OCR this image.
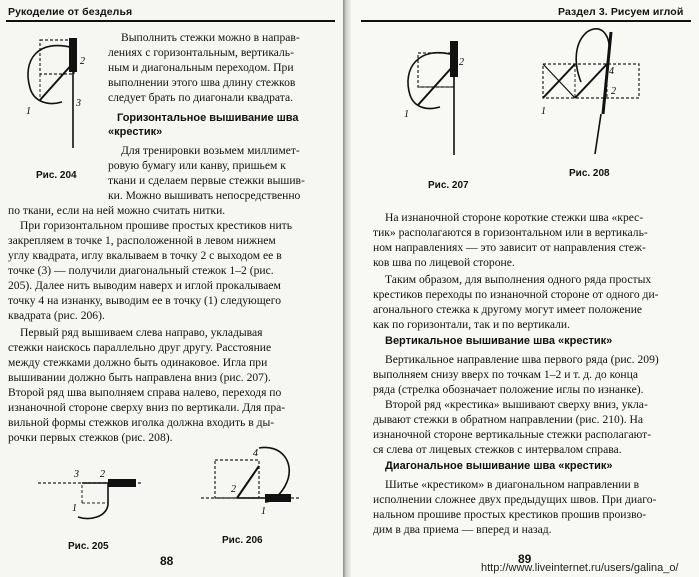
Рукоделие от безделья
2
1
3
Рис. 204
Выполнить стежки можно в направ-
лениях с горизонтальным, вертикаль-
ным и диагональным переходом. При
выполнении этого шва длину стежков
следует брать по диагонали квадрата.
Горизонтальное вышивание шва
«крестик»
Для тренировки возьмем миллимет-
ровую бумагу или канву, пришьем к
ткани и сделаем первые стежки вышив-
ки. Можно вышивать непосредственно
по ткани, если на ней можно считать нитки.
При горизонтальном прошиве простых крестиков нить
закрепляем в точке 1, расположенной в левом нижнем
углу квадрата, иглу вкалываем в точку 2 с выходом ее в
точке (3) — получили диагональный стежок 1–2 (рис.
205). Далее нить выводим наверх и иглой прокалываем
точку 4 на изнанку, выводим ее в точку (1) следующего
квадрата (рис. 206).
Первый ряд вышиваем слева направо, укладывая
стежки наискось параллельно друг другу. Расстояние
между стежками должно быть одинаковое. Игла при
вышивании должно быть направлена вниз (рис. 207).
Второй ряд шва выполняем справа налево, переходя по
изнаночной стороне сверху вниз по вертикали. Для пра-
вильной формы стежков иголка должна входить в ды-
рочки первых стежков (рис. 208).
3 2
1
Рис. 205
4
2
1
Рис. 206
88
Раздел 3. Рисуем иглой
2
1
Рис. 207
4
2
1
Рис. 208
На изнаночной стороне короткие стежки шва «крес-
тик» располагаются в горизонтальном или в вертикаль-
ном направлениях — это зависит от направления стеж-
ков шва по лицевой стороне.
Таким образом, для выполнения одного ряда простых
крестиков переходы по изнаночной стороне от одного ди-
агонального стежка к другому могут имеет положение
как по горизонтали, так и по вертикали.
Вертикальное вышивание шва «крестик»
Вертикальное направление шва первого ряда (рис. 209)
выполняем снизу вверх по точкам 1–2 и т. д. до конца
ряда (стрелка обозначает положение иглы по изнанке).
Второй ряд «крестика» вышивают сверху вниз, укла-
дывают стежки в обратном направлении (рис. 210). На
изнаночной стороне вертикальные стежки располагают-
ся слева от лицевых стежков с интервалом справа.
Диагональное вышивание шва «крестик»
Шитье «крестиком» в диагональном направлении в
исполнении сложнее двух предыдущих швов. При диаго-
нальном прошиве простых крестиков прошив произво-
дим в два приема — вперед и назад.
89
http://www.liveinternet.ru/users/galina_o/
